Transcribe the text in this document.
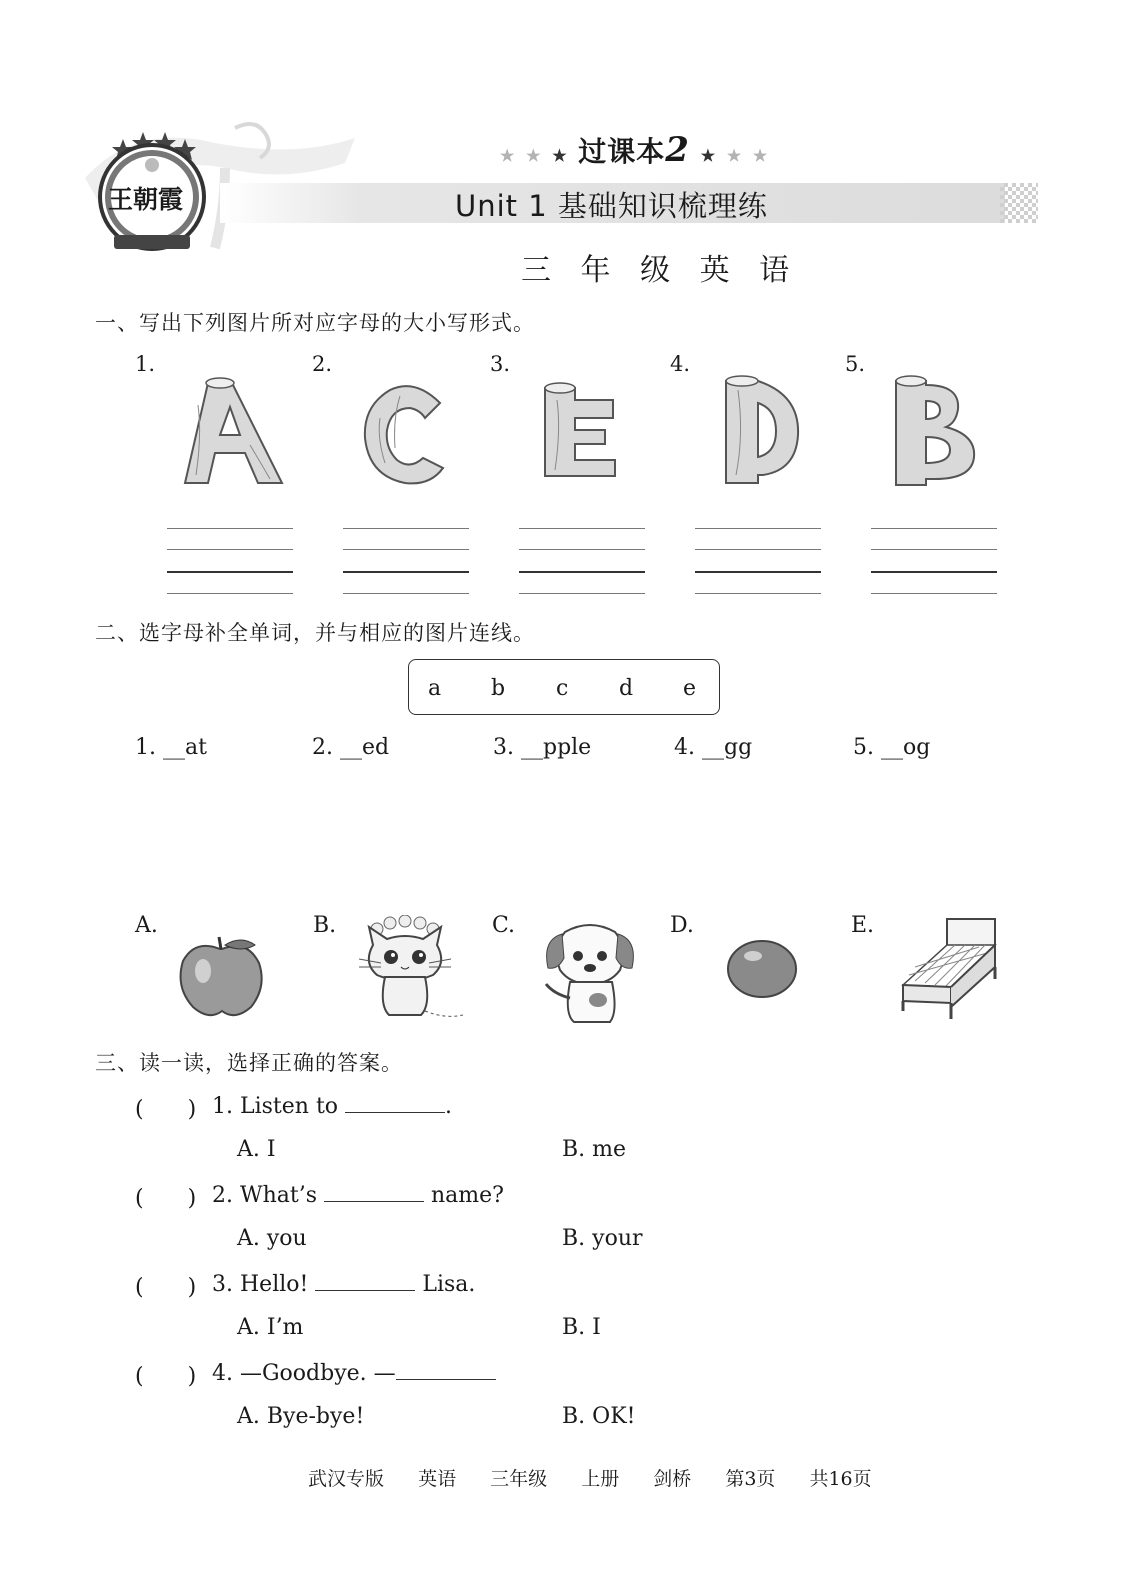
王朝霞
★ ★ ★ 过课本2 ★ ★ ★
Unit 1 基础知识梳理练
三 年 级 英 语
一、写出下列图片所对应字母的大小写形式。
1.	2.	3.	4.	5.
二、选字母补全单词，并与相应的图片连线。
a b c d e
1. __at	2. __ed	3. __pple	4. __gg	5. __og
A.	B.	C.	D.	E.
三、读一读，选择正确的答案。
(　　) 1. Listen to	.
A. I	B. me
(　　) 2. What’s	name?
A. you	B. your
(　　) 3. Hello!	Lisa.
A. I’m	B. I
(　　) 4. —Goodbye. —
A. Bye-bye!	B. OK!
武汉专版 英语 三年级 上册 剑桥 第3页 共16页
